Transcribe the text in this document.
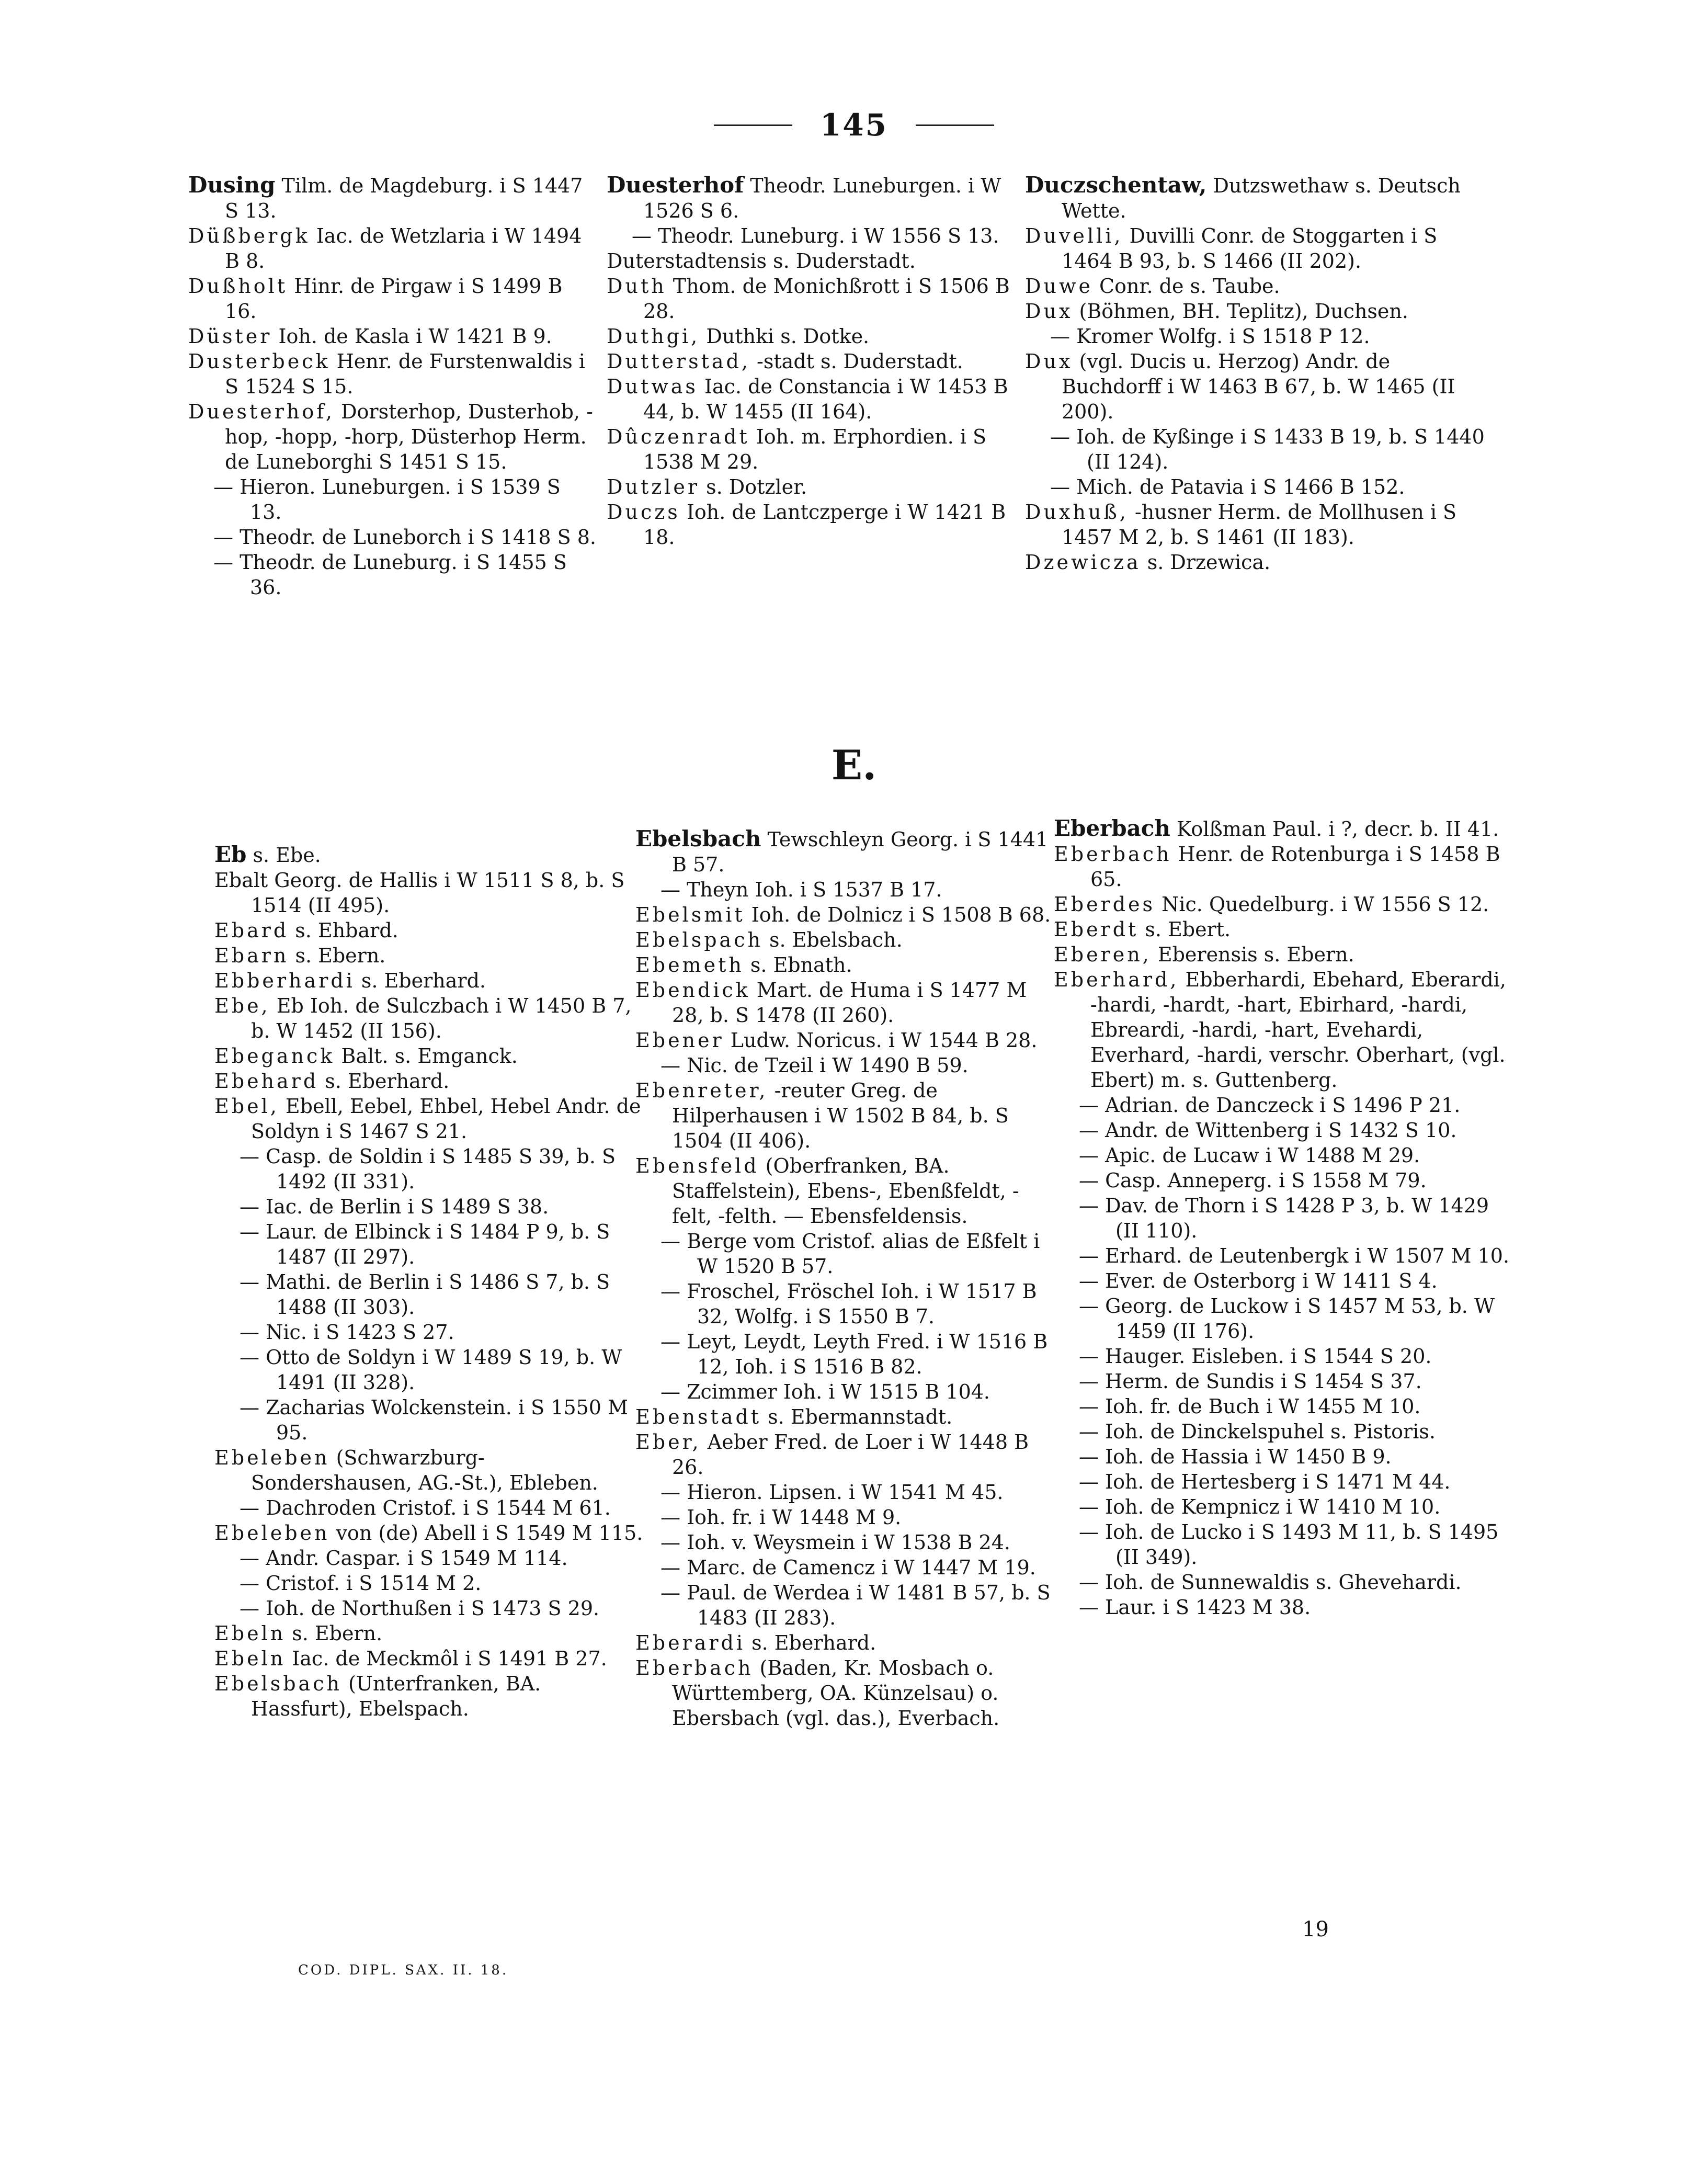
145

Dusing Tilm. de Magdeburg. i S 1447 S 13.

Düßbergk Iac. de Wetzlaria i W 1494 B 8.

Dußholt Hinr. de Pirgaw i S 1499 B 16.

Düster Ioh. de Kasla i W 1421 B 9.

Dusterbeck Henr. de Furstenwaldis i S 1524 S 15.

Duesterhof, Dorsterhop, Dusterhob, -hop, -hopp, -horp, Düsterhop Herm. de Luneborghi S 1451 S 15.

— Hieron. Luneburgen. i S 1539 S 13.

— Theodr. de Luneborch i S 1418 S 8.

— Theodr. de Luneburg. i S 1455 S 36.

Duesterhof Theodr. Luneburgen. i W 1526 S 6.

— Theodr. Luneburg. i W 1556 S 13.

Duterstadtensis s. Duderstadt.

Duth Thom. de Monichßrott i S 1506 B 28.

Duthgi, Duthki s. Dotke.

Dutterstad, -stadt s. Duderstadt.

Dutwas Iac. de Constancia i W 1453 B 44, b. W 1455 (II 164).

Dûczenradt Ioh. m. Erphordien. i S 1538 M 29.

Dutzler s. Dotzler.

Duczs Ioh. de Lantczperge i W 1421 B 18.

Duczschentaw, Dutzswethaw s. Deutsch Wette.

Duvelli, Duvilli Conr. de Stoggarten i S 1464 B 93, b. S 1466 (II 202).

Duwe Conr. de s. Taube.

Dux (Böhmen, BH. Teplitz), Duchsen.

— Kromer Wolfg. i S 1518 P 12.

Dux (vgl. Ducis u. Herzog) Andr. de Buchdorff i W 1463 B 67, b. W 1465 (II 200).

— Ioh. de Kyßinge i S 1433 B 19, b. S 1440 (II 124).

— Mich. de Patavia i S 1466 B 152.

Duxhuß, -husner Herm. de Mollhusen i S 1457 M 2, b. S 1461 (II 183).

Dzewicza s. Drzewica.

E.

Eb s. Ebe.

Ebalt Georg. de Hallis i W 1511 S 8, b. S 1514 (II 495).

Ebard s. Ehbard.

Ebarn s. Ebern.

Ebberhardi s. Eberhard.

Ebe, Eb Ioh. de Sulczbach i W 1450 B 7, b. W 1452 (II 156).

Ebeganck Balt. s. Emganck.

Ebehard s. Eberhard.

Ebel, Ebell, Eebel, Ehbel, Hebel Andr. de Soldyn i S 1467 S 21.

— Casp. de Soldin i S 1485 S 39, b. S 1492 (II 331).

— Iac. de Berlin i S 1489 S 38.

— Laur. de Elbinck i S 1484 P 9, b. S 1487 (II 297).

— Mathi. de Berlin i S 1486 S 7, b. S 1488 (II 303).

— Nic. i S 1423 S 27.

— Otto de Soldyn i W 1489 S 19, b. W 1491 (II 328).

— Zacharias Wolckenstein. i S 1550 M 95.

Ebeleben (Schwarzburg-Sondershausen, AG.-St.), Ebleben.

— Dachroden Cristof. i S 1544 M 61.

Ebeleben von (de) Abell i S 1549 M 115.

— Andr. Caspar. i S 1549 M 114.

— Cristof. i S 1514 M 2.

— Ioh. de Northußen i S 1473 S 29.

Ebeln s. Ebern.

Ebeln Iac. de Meckmôl i S 1491 B 27.

Ebelsbach (Unterfranken, BA. Hassfurt), Ebelspach.

Ebelsbach Tewschleyn Georg. i S 1441 B 57.

— Theyn Ioh. i S 1537 B 17.

Ebelsmit Ioh. de Dolnicz i S 1508 B 68.

Ebelspach s. Ebelsbach.

Ebemeth s. Ebnath.

Ebendick Mart. de Huma i S 1477 M 28, b. S 1478 (II 260).

Ebener Ludw. Noricus. i W 1544 B 28.

— Nic. de Tzeil i W 1490 B 59.

Ebenreter, -reuter Greg. de Hilperhausen i W 1502 B 84, b. S 1504 (II 406).

Ebensfeld (Oberfranken, BA. Staffelstein), Ebens-, Ebenßfeldt, -felt, -felth. — Ebensfeldensis.

— Berge vom Cristof. alias de Eßfelt i W 1520 B 57.

— Froschel, Fröschel Ioh. i W 1517 B 32, Wolfg. i S 1550 B 7.

— Leyt, Leydt, Leyth Fred. i W 1516 B 12, Ioh. i S 1516 B 82.

— Zcimmer Ioh. i W 1515 B 104.

Ebenstadt s. Ebermannstadt.

Eber, Aeber Fred. de Loer i W 1448 B 26.

— Hieron. Lipsen. i W 1541 M 45.

— Ioh. fr. i W 1448 M 9.

— Ioh. v. Weysmein i W 1538 B 24.

— Marc. de Camencz i W 1447 M 19.

— Paul. de Werdea i W 1481 B 57, b. S 1483 (II 283).

Eberardi s. Eberhard.

Eberbach (Baden, Kr. Mosbach o. Württemberg, OA. Künzelsau) o. Ebersbach (vgl. das.), Everbach.

Eberbach Kolßman Paul. i ?, decr. b. II 41.

Eberbach Henr. de Rotenburga i S 1458 B 65.

Eberdes Nic. Quedelburg. i W 1556 S 12.

Eberdt s. Ebert.

Eberen, Eberensis s. Ebern.

Eberhard, Ebberhardi, Ebehard, Eberardi, -hardi, -hardt, -hart, Ebirhard, -hardi, Ebreardi, -hardi, -hart, Evehardi, Everhard, -hardi, verschr. Oberhart, (vgl. Ebert) m. s. Guttenberg.

— Adrian. de Danczeck i S 1496 P 21.

— Andr. de Wittenberg i S 1432 S 10.

— Apic. de Lucaw i W 1488 M 29.

— Casp. Anneperg. i S 1558 M 79.

— Dav. de Thorn i S 1428 P 3, b. W 1429 (II 110).

— Erhard. de Leutenbergk i W 1507 M 10.

— Ever. de Osterborg i W 1411 S 4.

— Georg. de Luckow i S 1457 M 53, b. W 1459 (II 176).

— Hauger. Eisleben. i S 1544 S 20.

— Herm. de Sundis i S 1454 S 37.

— Ioh. fr. de Buch i W 1455 M 10.

— Ioh. de Dinckelspuhel s. Pistoris.

— Ioh. de Hassia i W 1450 B 9.

— Ioh. de Hertesberg i S 1471 M 44.

— Ioh. de Kempnicz i W 1410 M 10.

— Ioh. de Lucko i S 1493 M 11, b. S 1495 (II 349).

— Ioh. de Sunnewaldis s. Ghevehardi.

— Laur. i S 1423 M 38.

COD. DIPL. SAX. II. 18.
19
